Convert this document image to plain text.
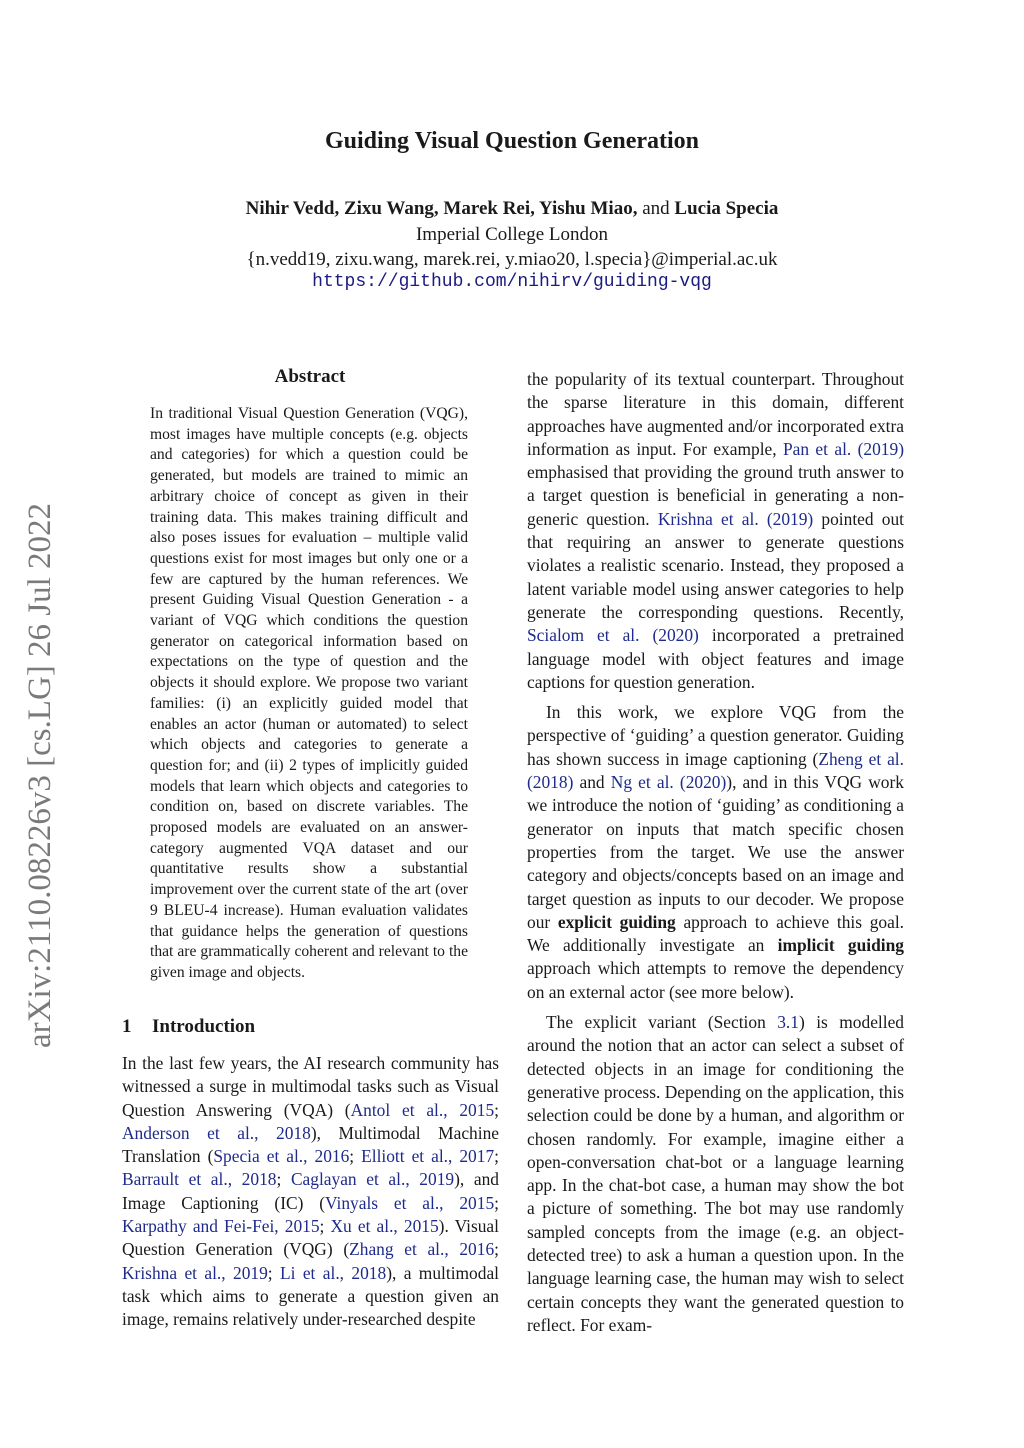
Guiding Visual Question Generation
Nihir Vedd, Zixu Wang, Marek Rei, Yishu Miao, and Lucia Specia
Imperial College London
{n.vedd19, zixu.wang, marek.rei, y.miao20, l.specia}@imperial.ac.uk
https://github.com/nihirv/guiding-vqg
arXiv:2110.08226v3 [cs.LG] 26 Jul 2022
Abstract
In traditional Visual Question Generation (VQG), most images have multiple concepts (e.g. objects and categories) for which a question could be generated, but models are trained to mimic an arbitrary choice of concept as given in their training data. This makes training difficult and also poses issues for evaluation – multiple valid questions exist for most images but only one or a few are captured by the human references. We present Guiding Visual Question Generation - a variant of VQG which conditions the question generator on categorical information based on expectations on the type of question and the objects it should explore. We propose two variant families: (i) an explicitly guided model that enables an actor (human or automated) to select which objects and categories to generate a question for; and (ii) 2 types of implicitly guided models that learn which objects and categories to condition on, based on discrete variables. The proposed models are evaluated on an answer-category augmented VQA dataset and our quantitative results show a substantial improvement over the current state of the art (over 9 BLEU-4 increase). Human evaluation validates that guidance helps the generation of questions that are grammatically coherent and relevant to the given image and objects.
1 Introduction

In the last few years, the AI research community has witnessed a surge in multimodal tasks such as Visual Question Answering (VQA) (Antol et al., 2015; Anderson et al., 2018), Multimodal Machine Translation (Specia et al., 2016; Elliott et al., 2017; Barrault et al., 2018; Caglayan et al., 2019), and Image Captioning (IC) (Vinyals et al., 2015; Karpathy and Fei-Fei, 2015; Xu et al., 2015). Visual Question Generation (VQG) (Zhang et al., 2016; Krishna et al., 2019; Li et al., 2018), a multimodal task which aims to generate a question given an image, remains relatively under-researched despite

the popularity of its textual counterpart. Throughout the sparse literature in this domain, different approaches have augmented and/or incorporated extra information as input. For example, Pan et al. (2019) emphasised that providing the ground truth answer to a target question is beneficial in generating a non-generic question. Krishna et al. (2019) pointed out that requiring an answer to generate questions violates a realistic scenario. Instead, they proposed a latent variable model using answer categories to help generate the corresponding questions. Recently, Scialom et al. (2020) incorporated a pretrained language model with object features and image captions for question generation.

In this work, we explore VQG from the perspective of ‘guiding’ a question generator. Guiding has shown success in image captioning (Zheng et al. (2018) and Ng et al. (2020)), and in this VQG work we introduce the notion of ‘guiding’ as conditioning a generator on inputs that match specific chosen properties from the target. We use the answer category and objects/concepts based on an image and target question as inputs to our decoder. We propose our explicit guiding approach to achieve this goal. We additionally investigate an implicit guiding approach which attempts to remove the dependency on an external actor (see more below).

The explicit variant (Section 3.1) is modelled around the notion that an actor can select a subset of detected objects in an image for conditioning the generative process. Depending on the application, this selection could be done by a human, and algorithm or chosen randomly. For example, imagine either a open-conversation chat-bot or a language learning app. In the chat-bot case, a human may show the bot a picture of something. The bot may use randomly sampled concepts from the image (e.g. an object-detected tree) to ask a human a question upon. In the language learning case, the human may wish to select certain concepts they want the generated question to reflect. For exam-
